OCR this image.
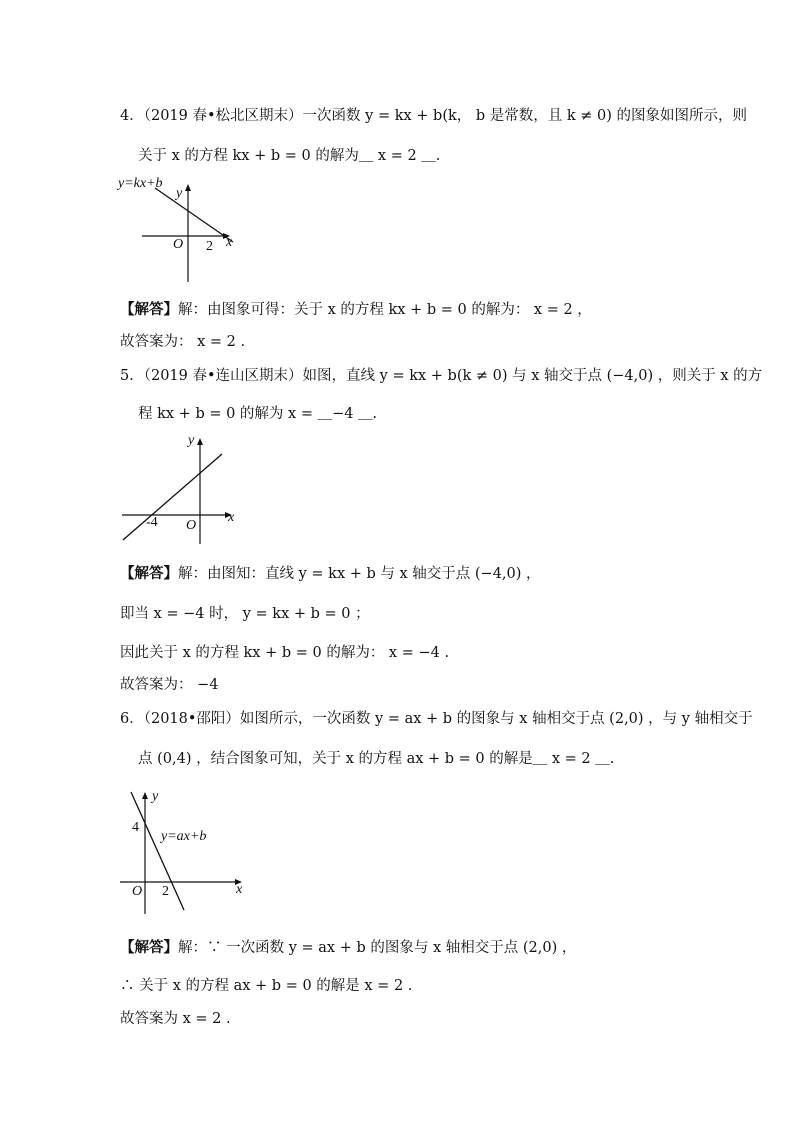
4．（2019 春•松北区期末）一次函数 y = kx + b(k， b 是常数，且 k ≠ 0) 的图象如图所示，则
关于 x 的方程 kx + b = 0 的解为＿ x = 2 ＿.
y=kx+b
y
x
O 2
【解答】解：由图象可得：关于 x 的方程 kx + b = 0 的解为： x = 2 ，
故答案为： x = 2 .
5．（2019 春•连山区期末）如图，直线 y = kx + b(k ≠ 0) 与 x 轴交于点 (−4,0) ，则关于 x 的方
程 kx + b = 0 的解为 x = ＿−4 ＿.
y
x
O
-4
【解答】解：由图知：直线 y = kx + b 与 x 轴交于点 (−4,0) ，
即当 x = −4 时， y = kx + b = 0 ；
因此关于 x 的方程 kx + b = 0 的解为： x = −4 .
故答案为： −4
6．（2018•邵阳）如图所示，一次函数 y = ax + b 的图象与 x 轴相交于点 (2,0) ，与 y 轴相交于
点 (0,4) ，结合图象可知，关于 x 的方程 ax + b = 0 的解是＿ x = 2 ＿.
y=ax+b
y
x
O 2
4
【解答】解：∵ 一次函数 y = ax + b 的图象与 x 轴相交于点 (2,0) ，
∴ 关于 x 的方程 ax + b = 0 的解是 x = 2 .
故答案为 x = 2 .
